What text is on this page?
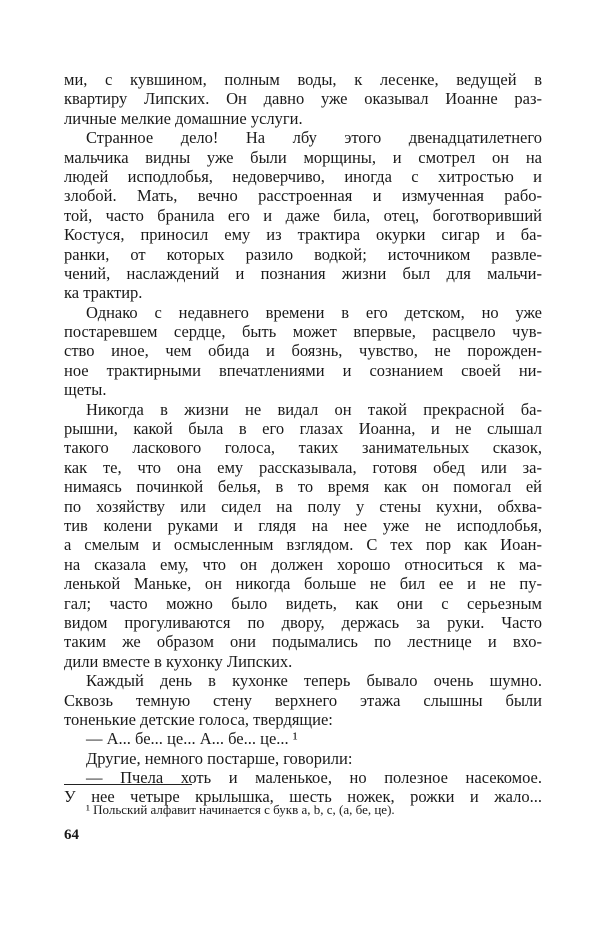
ми, с кувшином, полным воды, к лесенке, ведущей в
квартиру Липских. Он давно уже оказывал Иоанне раз-
личные мелкие домашние услуги.
Странное дело! На лбу этого двенадцатилетнего
мальчика видны уже были морщины, и смотрел он на
людей исподлобья, недоверчиво, иногда с хитростью и
злобой. Мать, вечно расстроенная и измученная рабо-
той, часто бранила его и даже била, отец, боготворивший
Костуся, приносил ему из трактира окурки сигар и ба-
ранки, от которых разило водкой; источником развле-
чений, наслаждений и познания жизни был для мальчи-
ка трактир.
Однако с недавнего времени в его детском, но уже
постаревшем сердце, быть может впервые, расцвело чув-
ство иное, чем обида и боязнь, чувство, не порожден-
ное трактирными впечатлениями и сознанием своей ни-
щеты.
Никогда в жизни не видал он такой прекрасной ба-
рышни, какой была в его глазах Иоанна, и не слышал
такого ласкового голоса, таких занимательных сказок,
как те, что она ему рассказывала, готовя обед или за-
нимаясь починкой белья, в то время как он помогал ей
по хозяйству или сидел на полу у стены кухни, обхва-
тив колени руками и глядя на нее уже не исподлобья,
а смелым и осмысленным взглядом. С тех пор как Иоан-
на сказала ему, что он должен хорошо относиться к ма-
ленькой Маньке, он никогда больше не бил ее и не пу-
гал; часто можно было видеть, как они с серьезным
видом прогуливаются по двору, держась за руки. Часто
таким же образом они подымались по лестнице и вхо-
дили вместе в кухонку Липских.
Каждый день в кухонке теперь бывало очень шумно.
Сквозь темную стену верхнего этажа слышны были
тоненькие детские голоса, твердящие:
— А... бе... це... А... бе... це... ¹
Другие, немного постарше, говорили:
— Пчела хоть и маленькое, но полезное насекомое.
У нее четыре крылышка, шесть ножек, рожки и жало...
¹ Польский алфавит начинается с букв a, b, c, (а, бе, це).
64
